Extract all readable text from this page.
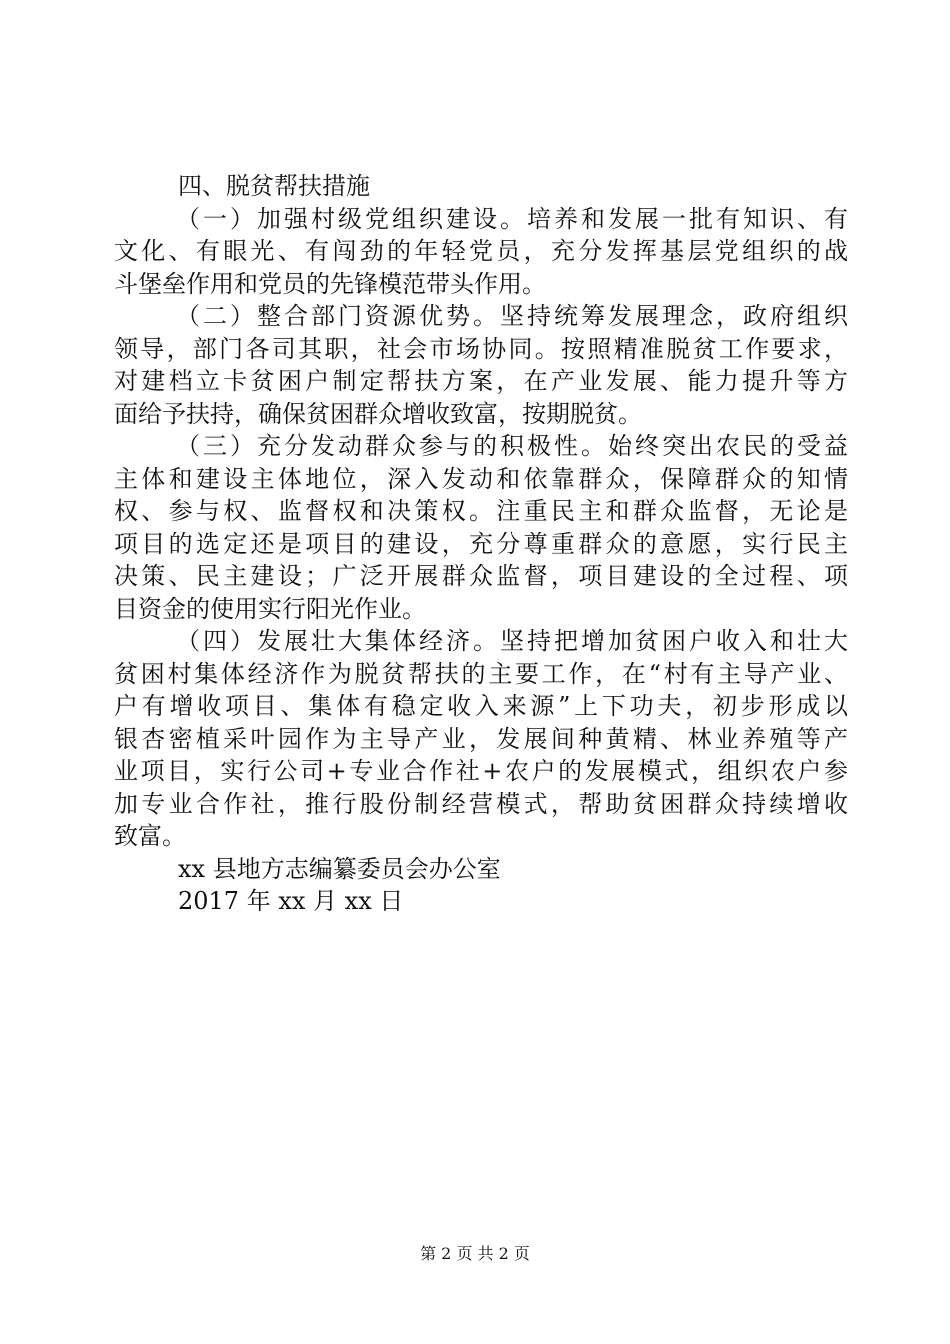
四、脱贫帮扶措施
（一）加强村级党组织建设。培养和发展一批有知识、有
文化、有眼光、有闯劲的年轻党员，充分发挥基层党组织的战
斗堡垒作用和党员的先锋模范带头作用。
（二）整合部门资源优势。坚持统筹发展理念，政府组织
领导，部门各司其职，社会市场协同。按照精准脱贫工作要求，
对建档立卡贫困户制定帮扶方案，在产业发展、能力提升等方
面给予扶持，确保贫困群众增收致富，按期脱贫。
（三）充分发动群众参与的积极性。始终突出农民的受益
主体和建设主体地位，深入发动和依靠群众，保障群众的知情
权、参与权、监督权和决策权。注重民主和群众监督，无论是
项目的选定还是项目的建设，充分尊重群众的意愿，实行民主
决策、民主建设；广泛开展群众监督，项目建设的全过程、项
目资金的使用实行阳光作业。
（四）发展壮大集体经济。坚持把增加贫困户收入和壮大
贫困村集体经济作为脱贫帮扶的主要工作，在“村有主导产业、
户有增收项目、集体有稳定收入来源”上下功夫，初步形成以
银杏密植采叶园作为主导产业，发展间种黄精、林业养殖等产
业项目，实行公司+专业合作社+农户的发展模式，组织农户参
加专业合作社，推行股份制经营模式，帮助贫困群众持续增收
致富。
xx 县地方志编纂委员会办公室
2017 年 xx 月 xx 日
第 2 页 共 2 页
